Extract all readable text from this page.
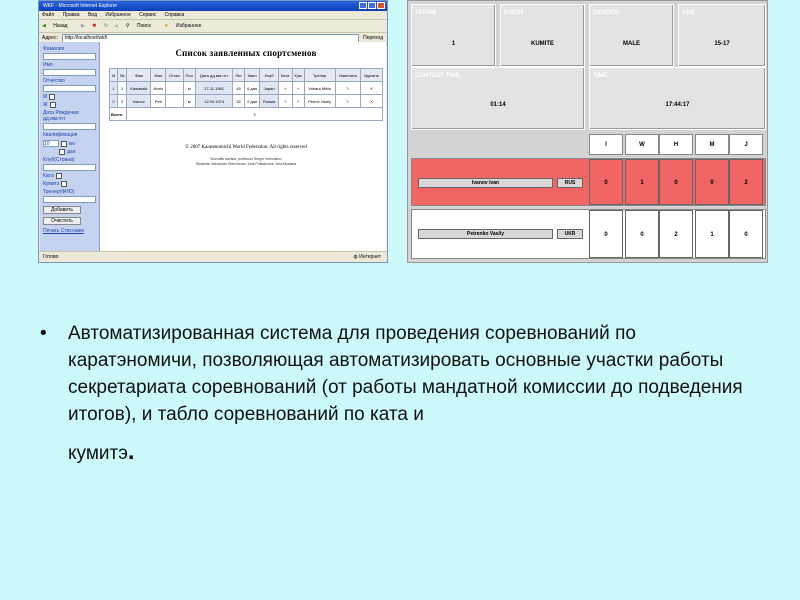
WKF - Microsoft Internet Explorer
Файл Правка Вид Избранное Сервис Справка
◀ Назад	▶ ✖ ↻ ⌂ ⚲ Поиск	★ Избранное
Адрес:	http://localhost/wkf/	Переход
Фамилия
Имя
Отчество
М
Ж
Дата Рождения
дд.мм.гггг
Квалификация
10	кю
дан
Клуб(Страна)
Ката
Кумитэ
Тренер(ФИО)
Добавить
Очистить
Печать Стиснаим
Список заявленных спортсменов
Id	№	Фам	Имя	Отчес	Пол	Дата дд.мм.гггг	Лет	Квал	Клуб	Ката	Кум	Тренер	Изменить	Удалить
1	1	Kawasaki	Norio		м	17.11.1961	45	6 дан	Japan	+	+	Yahara Mikio	✎	✕
2	2	Ivanov	Petr		м	12.04.1974	32	2 дан	Russia	+	+	Petrov Vasily	✎	✕
Всего		2												
© 2007 Karatenomichi World Federation. All rights reserved
Scientific advisor: professor Sergei Kolesnikov
Students: Alexander Shechtman, Irina Pokhalchuk, Irina Myasina
Готово	◍ Интернет
TATAMI
1
EVENT
KUMITE
GENDER
MALE
AGE
15-17
CONTEST TIME
01:14
TIME
17:44:17
I	W	H	M	J
Ivanov Ivan	RUS	0	1	0	0	2
Petrenko Vasily	UKR	0	0	2	1	0
• Автоматизированная система для проведения соревнований по каратэномичи, позволяющая автоматизировать основные участки работы секретариата соревнований (от работы мандатной комиссии до подведения итогов), и табло соревнований по ката и
кумитэ.
